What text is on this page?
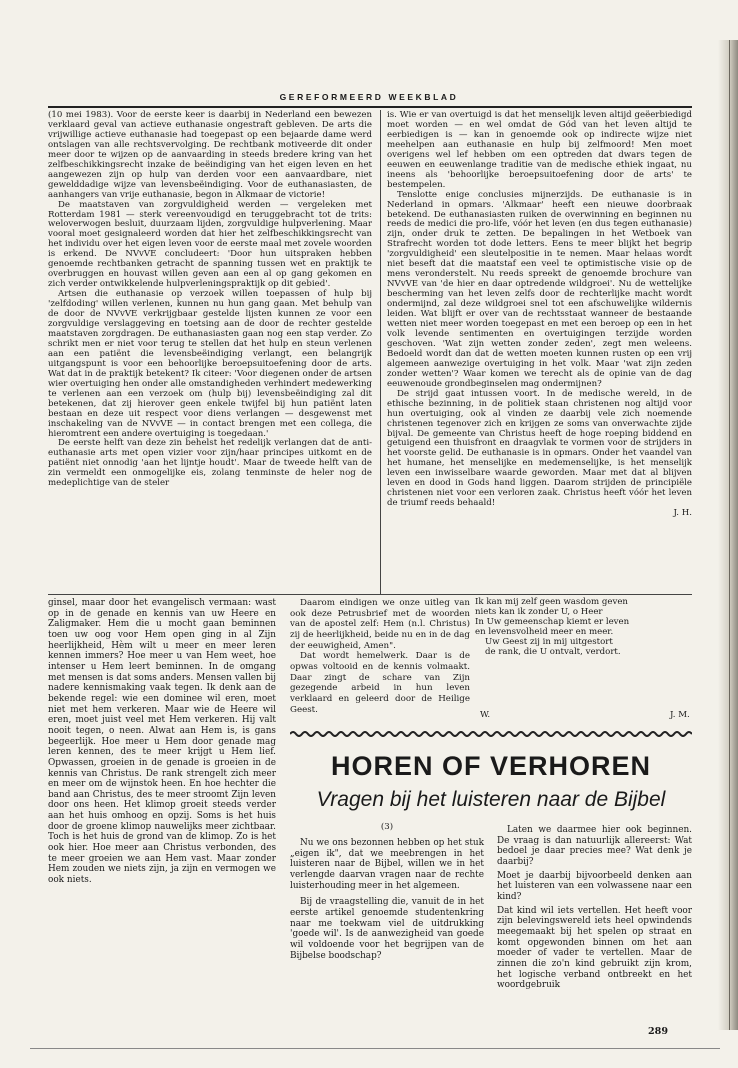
GEREFORMEERD WEEKBLAD

(10 mei 1983). Voor de eerste keer is daarbij in Nederland een bewezen verklaard geval van actieve euthanasie ongestraft gebleven. De arts die vrijwillige actieve euthanasie had toegepast op een bejaarde dame werd ontslagen van alle rechtsvervolging. De rechtbank motiveerde dit onder meer door te wijzen op de aanvaarding in steeds bredere kring van het zelfbeschikkingsrecht inzake de beëindiging van het eigen leven en het aangewezen zijn op hulp van derden voor een aanvaardbare, niet gewelddadige wijze van levensbeëindiging. Voor de euthanasiasten, de aanhangers van vrije euthanasie, begon in Alkmaar de victorie!

De maatstaven van zorgvuldigheid werden — vergeleken met Rotterdam 1981 — sterk vereenvoudigd en teruggebracht tot de trits: weloverwogen besluit, duurzaam lijden, zorgvuldige hulpverlening. Maar vooral moet gesignaleerd worden dat hier het zelfbeschikkingsrecht van het individu over het eigen leven voor de eerste maal met zovele woorden is erkend. De NVvVE concludeert: 'Door hun uitspraken hebben genoemde rechtbanken getracht de spanning tussen wet en praktijk te overbruggen en houvast willen geven aan een al op gang gekomen en zich verder ontwikkelende hulpverleningspraktijk op dit gebied'.

Artsen die euthanasie op verzoek willen toepassen of hulp bij 'zelfdoding' willen verlenen, kunnen nu hun gang gaan. Met behulp van de door de NVvVE verkrijgbaar gestelde lijsten kunnen ze voor een zorgvuldige verslaggeving en toetsing aan de door de rechter gestelde maatstaven zorgdragen. De euthanasiasten gaan nog een stap verder. Zo schrikt men er niet voor terug te stellen dat het hulp en steun verlenen aan een patiënt die levensbeëindiging verlangt, een belangrijk uitgangspunt is voor een behoorlijke beroepsuitoefening door de arts. Wat dat in de praktijk betekent? Ik citeer: 'Voor diegenen onder de artsen wier overtuiging hen onder alle omstandigheden verhindert medewerking te verlenen aan een verzoek om (hulp bij) levensbeëindiging zal dit betekenen, dat zij hierover geen enkele twijfel bij hun patiënt laten bestaan en deze uit respect voor diens verlangen — desgewenst met inschakeling van de NVvVE — in contact brengen met een collega, die hieromtrent een andere overtuiging is toegedaan.'

De eerste helft van deze zin behelst het redelijk verlangen dat de anti-euthanasie arts met open vizier voor zijn/haar principes uitkomt en de patiënt niet onnodig 'aan het lijntje houdt'. Maar de tweede helft van de zin vermeldt een onmogelijke eis, zolang tenminste de heler nog de medeplichtige van de steler

is. Wie er van overtuigd is dat het menselijk leven altijd geëerbiedigd moet worden — en wel omdat de Gód van het leven altijd te eerbiedigen is — kan in genoemde ook op indirecte wijze niet meehelpen aan euthanasie en hulp bij zelfmoord! Men moet overigens wel lef hebben om een optreden dat dwars tegen de eeuwen en eeuwenlange traditie van de medische ethiek ingaat, nu ineens als 'behoorlijke beroepsuitoefening door de arts' te bestempelen.

Tenslotte enige conclusies mijnerzijds. De euthanasie is in Nederland in opmars. 'Alkmaar' heeft een nieuwe doorbraak betekend. De euthanasiasten ruiken de overwinning en beginnen nu reeds de medici die pro-life, vóór het leven (en dus tegen euthanasie) zijn, onder druk te zetten. De bepalingen in het Wetboek van Strafrecht worden tot dode letters. Eens te meer blijkt het begrip 'zorgvuldigheid' een sleutelpositie in te nemen. Maar helaas wordt niet beseft dat die maatstaf een veel te optimistische visie op de mens veronderstelt. Nu reeds spreekt de genoemde brochure van NVvVE van 'de hier en daar optredende wildgroei'. Nu de wettelijke bescherming van het leven zelfs door de rechterlijke macht wordt ondermijnd, zal deze wildgroei snel tot een afschuwelijke wildernis leiden. Wat blijft er over van de rechtsstaat wanneer de bestaande wetten niet meer worden toegepast en met een beroep op een in het volk levende sentimenten en overtuigingen terzijde worden geschoven. 'Wat zijn wetten zonder zeden', zegt men weleens. Bedoeld wordt dan dat de wetten moeten kunnen rusten op een vrij algemeen aanwezige overtuiging in het volk. Maar 'wat zijn zeden zonder wetten'? Waar komen we terecht als de opinie van de dag eeuwenoude grondbeginselen mag ondermijnen?

De strijd gaat intussen voort. In de medische wereld, in de ethische bezinning, in de politiek staan christenen nog altijd voor hun overtuiging, ook al vinden ze daarbij vele zich noemende christenen tegenover zich en krijgen ze soms van onverwachte zijde bijval. De gemeente van Christus heeft de hoge roeping biddend en getuigend een thuisfront en draagvlak te vormen voor de strijders in het voorste gelid. De euthanasie is in opmars. Onder het vaandel van het humane, het menselijke en medemenselijke, is het menselijk leven een inwisselbare waarde geworden. Maar met dat al blijven leven en dood in Gods hand liggen. Daarom strijden de principiële christenen niet voor een verloren zaak. Christus heeft vóór het leven de triumf reeds behaald!

J. H.

ginsel, maar door het evangelisch vermaan: wast op in de genade en kennis van uw Heere en Zaligmaker. Hem die u mocht gaan beminnen toen uw oog voor Hem open ging in al Zijn heerlijkheid, Hèm wilt u meer en meer leren kennen immers? Hoe meer u van Hem weet, hoe intenser u Hem leert beminnen. In de omgang met mensen is dat soms anders. Mensen vallen bij nadere kennismaking vaak tegen. Ik denk aan de bekende regel: wie een dominee wil eren, moet niet met hem verkeren. Maar wie de Heere wil eren, moet juist veel met Hem verkeren. Hij valt nooit tegen, o neen. Alwat aan Hem is, is gans begeerlijk. Hoe meer u Hem door genade mag leren kennen, des te meer krijgt u Hem lief. Opwassen, groeien in de genade is groeien in de kennis van Christus. De rank strengelt zich meer en meer om de wijnstok heen. En hoe hechter die band aan Christus, des te meer stroomt Zijn leven door ons heen. Het klimop groeit steeds verder aan het huis omhoog en opzij. Soms is het huis door de groene klimop nauwelijks meer zichtbaar. Toch is het huis de grond van de klimop. Zo is het ook hier. Hoe meer aan Christus verbonden, des te meer groeien we aan Hem vast. Maar zonder Hem zouden we niets zijn, ja zijn en vermogen we ook niets.

Daarom eindigen we onze uitleg van ook deze Petrusbrief met de woorden van de apostel zelf: Hem (n.l. Christus) zij de heerlijkheid, beide nu en in de dag der eeuwigheid, Amen".

Dat wordt hemelwerk. Daar is de opwas voltooid en de kennis volmaakt. Daar zingt de schare van Zijn gezegende arbeid in hun leven verklaard en geleerd door de Heilige Geest.

Ik kan mij zelf geen wasdom geven
niets kan ik zonder U, o Heer
In Uw gemeenschap kiemt er leven
en levensvolheid meer en meer.
Uw Geest zij in mij uitgestort
de rank, die U ontvalt, verdort.
W.	J. M.
HOREN OF VERHOREN
Vragen bij het luisteren naar de Bijbel
(3)

Nu we ons bezonnen hebben op het stuk „eigen ik", dat we meebrengen in het luisteren naar de Bijbel, willen we in het verlengde daarvan vragen naar de rechte luisterhouding meer in het algemeen.

Bij de vraagstelling die, vanuit de in het eerste artikel genoemde studentenkring naar me toekwam viel de uitdrukking 'goede wil'. Is de aanwezigheid van goede wil voldoende voor het begrijpen van de Bijbelse boodschap?

Laten we daarmee hier ook beginnen. De vraag is dan natuurlijk allereerst: Wat bedoel je daar precies mee? Wat denk je daarbij?

Moet je daarbij bijvoorbeeld denken aan het luisteren van een volwassene naar een kind?

Dat kind wil iets vertellen. Het heeft voor zijn belevingswereld iets heel opwindends meegemaakt bij het spelen op straat en komt opgewonden binnen om het aan moeder of vader te vertellen. Maar de zinnen die zo'n kind gebruikt zijn krom, het logische verband ontbreekt en het woordgebruik

289
